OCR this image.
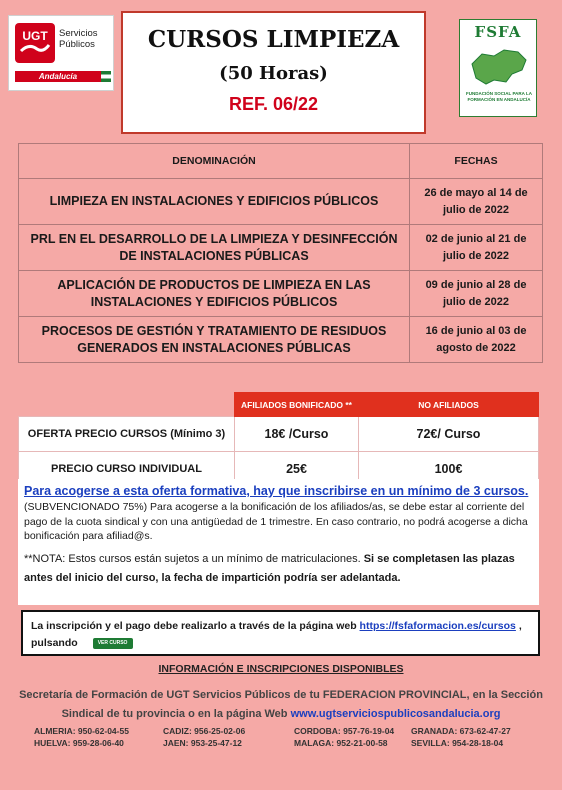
UGT Servicios
Públicos
Andalucía
CURSOS LIMPIEZA
(50 Horas)
REF. 06/22
FSFA
FUNDACIÓN SOCIAL PARA LA FORMACIÓN EN ANDALUCÍA
DENOMINACIÓN	FECHAS
LIMPIEZA EN INSTALACIONES Y EDIFICIOS PÚBLICOS	26 de mayo al 14 de julio de 2022
PRL EN EL DESARROLLO DE LA LIMPIEZA Y DESINFECCIÓN DE INSTALACIONES PÚBLICAS	02 de junio al 21 de julio de 2022
APLICACIÓN DE PRODUCTOS DE LIMPIEZA EN LAS INSTALACIONES Y EDIFICIOS PÚBLICOS	09 de junio al 28 de julio de 2022
PROCESOS DE GESTIÓN Y TRATAMIENTO DE RESIDUOS GENERADOS EN INSTALACIONES PÚBLICAS	16 de junio al 03 de agosto de 2022
	AFILIADOS BONIFICADO **	NO AFILIADOS
OFERTA PRECIO CURSOS (Mínimo 3)	18€ /Curso	72€/ Curso
PRECIO CURSO INDIVIDUAL	25€	100€
Para acogerse a esta oferta formativa, hay que inscribirse en un mínimo de 3 cursos.
(SUBVENCIONADO 75%) Para acogerse a la bonificación de los afiliados/as, se debe estar al corriente del pago de la cuota sindical y con una antigüedad de 1 trimestre. En caso contrario, no podrá acogerse a dicha bonificación para afiliad@s.
**NOTA: Estos cursos están sujetos a un mínimo de matriculaciones. Si se completasen las plazas antes del inicio del curso, la fecha de impartición podría ser adelantada.
La inscripción y el pago debe realizarlo a través de la página web https://fsfaformacion.es/cursos ,
pulsando	VER CURSO
INFORMACIÓN E INSCRIPCIONES DISPONIBLES
Secretaría de Formación de UGT Servicios Públicos de tu FEDERACION PROVINCIAL, en la Sección Sindical de tu provincia o en la página Web www.ugtserviciospublicosandalucia.org
ALMERIA: 950-62-04-55	CADIZ: 956-25-02-06	CORDOBA: 957-76-19-04 GRANADA: 673-62-47-27
HUELVA: 959-28-06-40	JAEN: 953-25-47-12	MALAGA: 952-21-00-58	SEVILLA: 954-28-18-04
